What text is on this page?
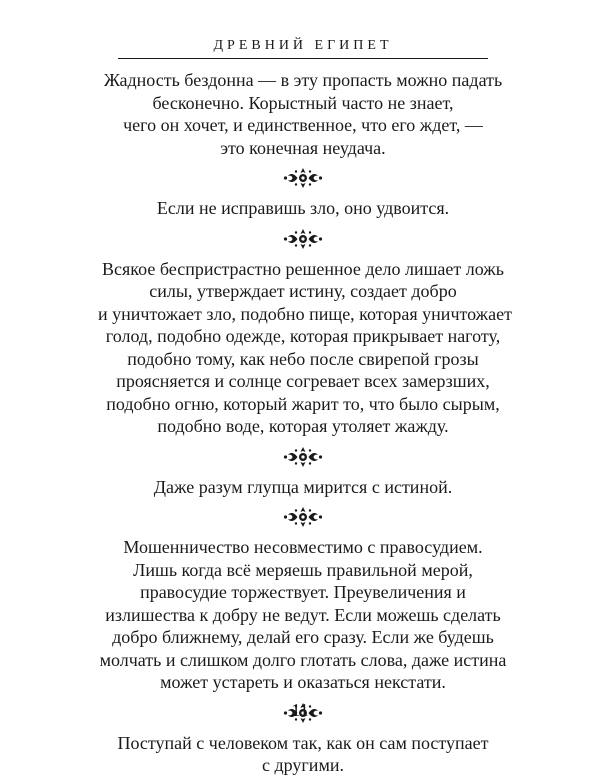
ДРЕВНИЙ ЕГИПЕТ

Жадность бездонна — в эту пропасть можно падать
бесконечно. Корыстный часто не знает,
чего он хочет, и единственное, что его ждет, —
это конечная неудача.

Если не исправишь зло, оно удвоится.

Всякое беспристрастно решенное дело лишает ложь
силы, утверждает истину, создает добро
и уничтожает зло, подобно пище, которая уничтожает
голод, подобно одежде, которая прикрывает наготу,
подобно тому, как небо после свирепой грозы
проясняется и солнце согревает всех замерзших,
подобно огню, который жарит то, что было сырым,
подобно воде, которая утоляет жажду.

Даже разум глупца мирится с истиной.

Мошенничество несовместимо с правосудием.
Лишь когда всё меряешь правильной мерой,
правосудие торжествует. Преувеличения и
излишества к добру не ведут. Если можешь сделать
добро ближнему, делай его сразу. Если же будешь
молчать и слишком долго глотать слова, даже истина
может устареть и оказаться некстати.

Поступай с человеком так, как он сам поступает
с другими.

11
